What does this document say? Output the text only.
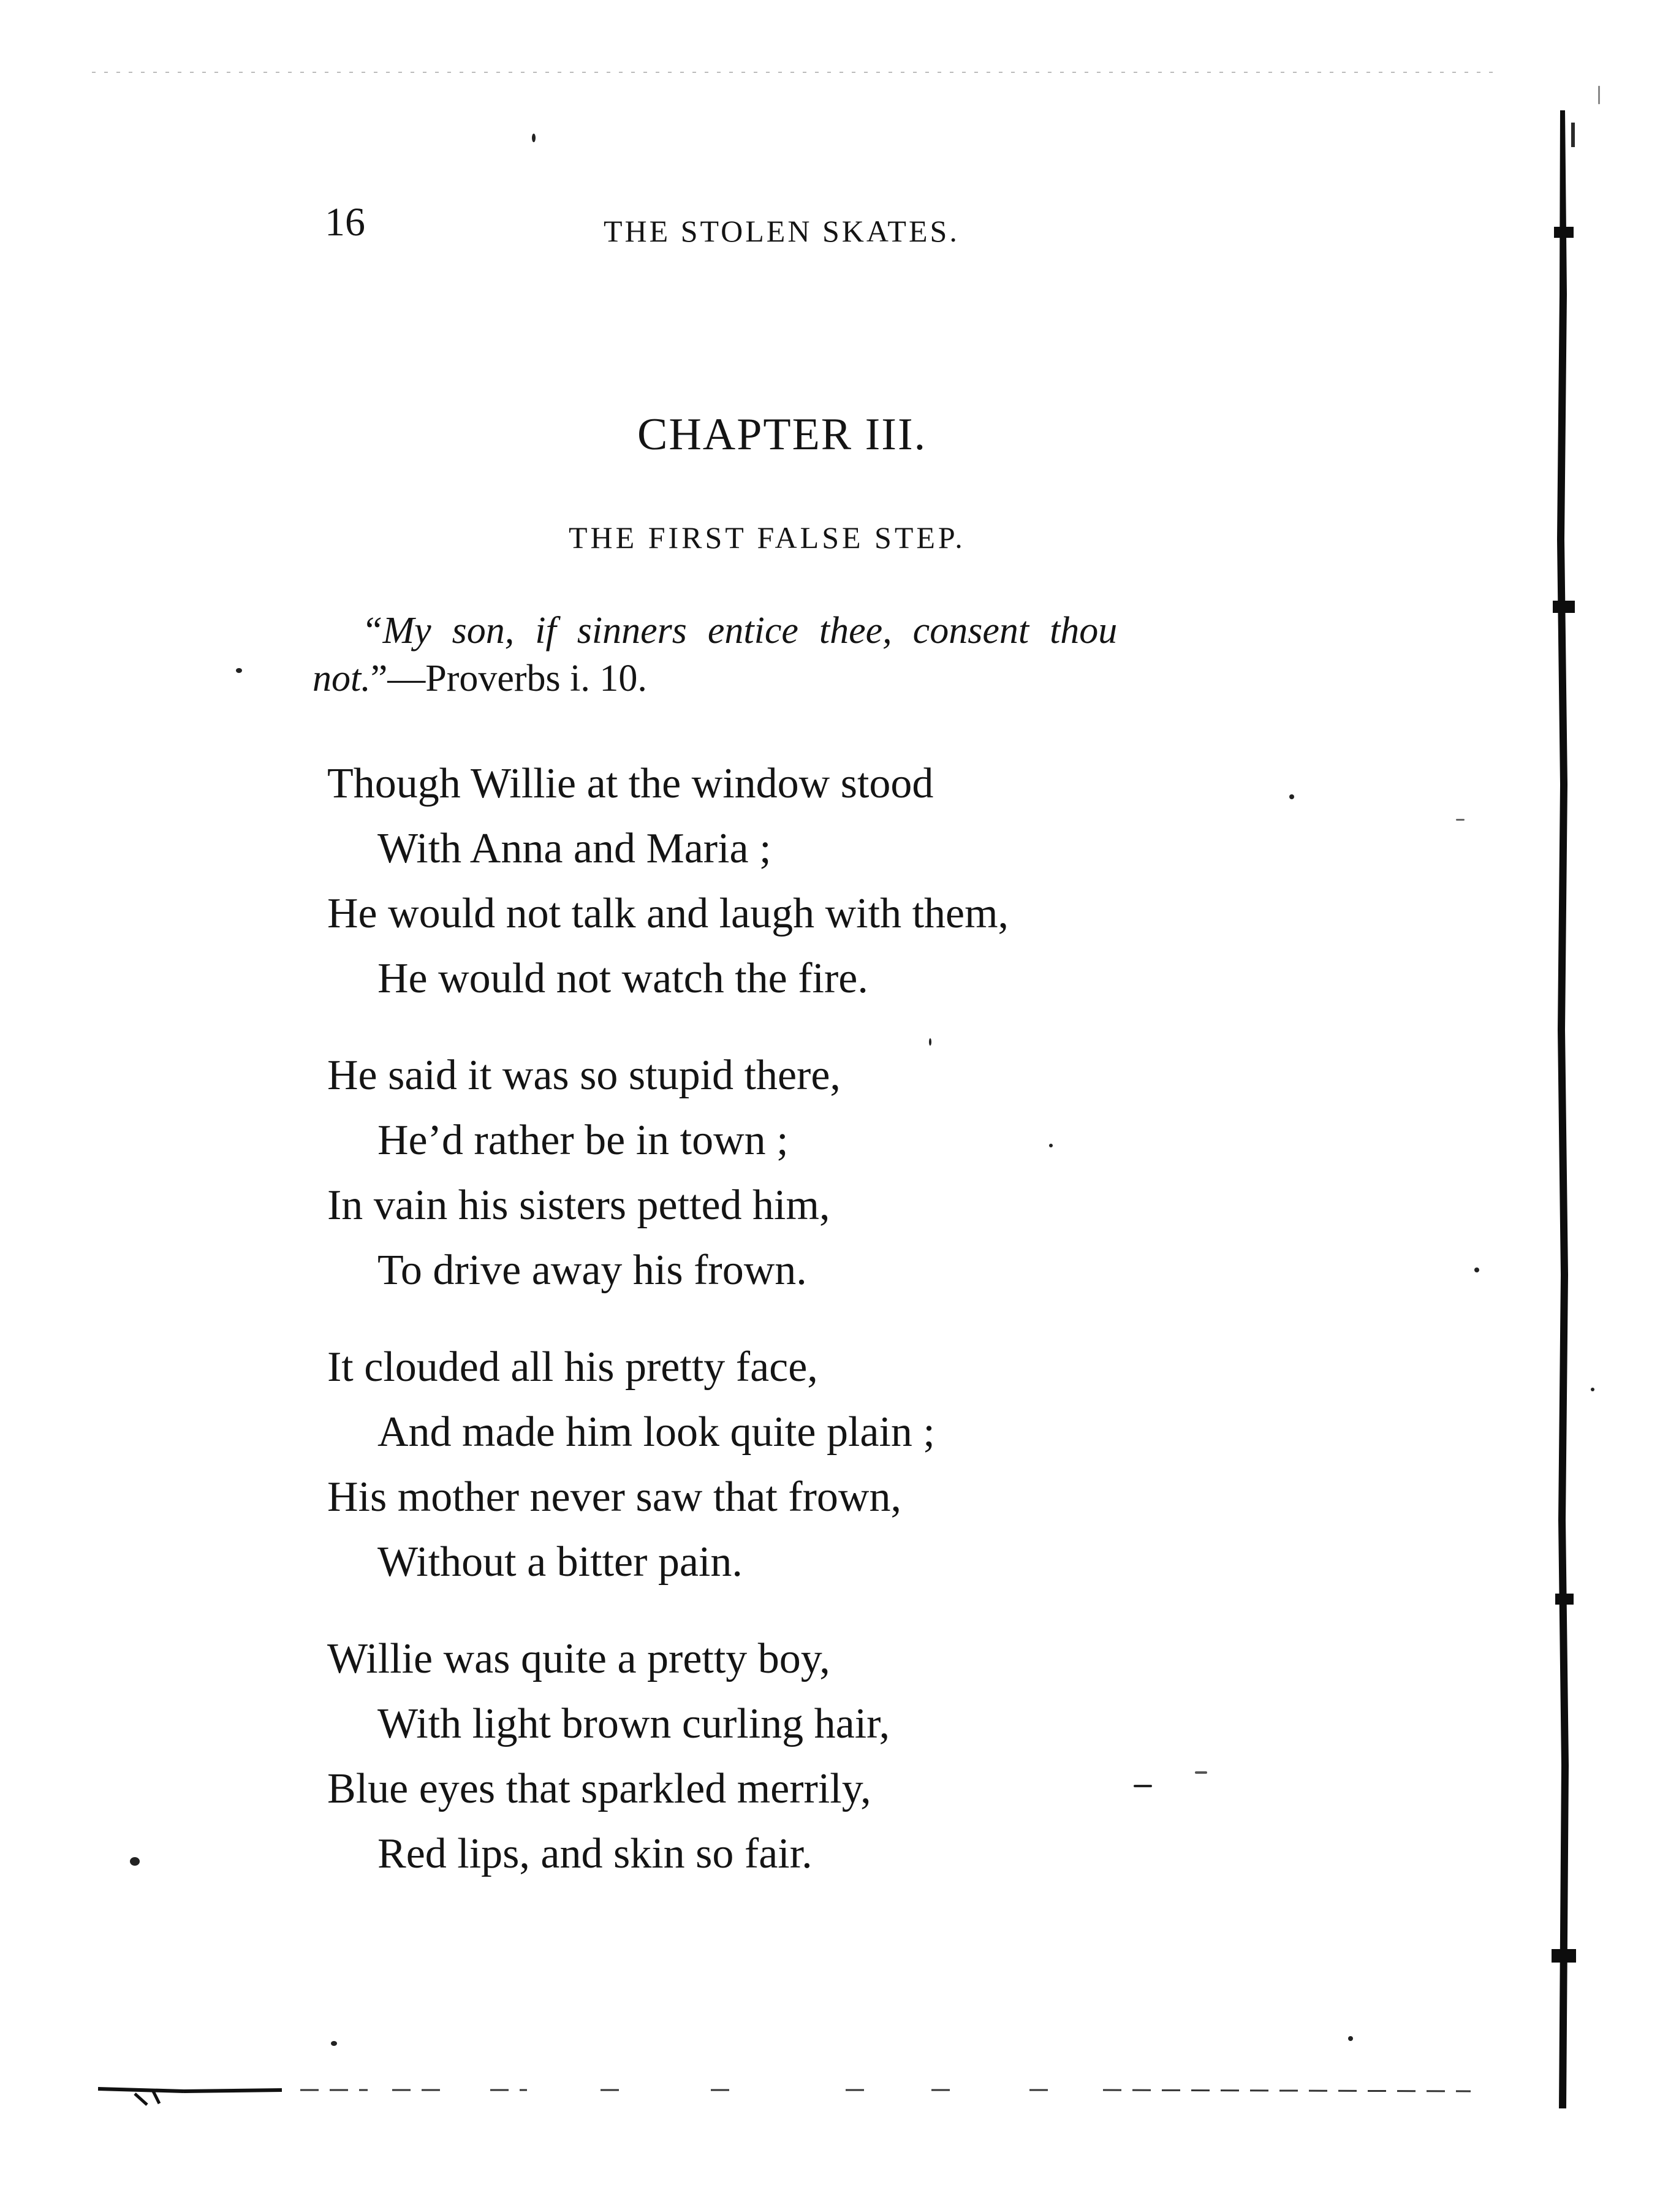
16	THE STOLEN SKATES.
CHAPTER III.
THE FIRST FALSE STEP.
“My son, if sinners entice thee, consent thou
not.”—Proverbs i. 10.
Though Willie at the window stood
With Anna and Maria ;
He would not talk and laugh with them,
He would not watch the fire.
He said it was so stupid there,
He’d rather be in town ;
In vain his sisters petted him,
To drive away his frown.
It clouded all his pretty face,
And made him look quite plain ;
His mother never saw that frown,
Without a bitter pain.
Willie was quite a pretty boy,
With light brown curling hair,
Blue eyes that sparkled merrily,
Red lips, and skin so fair.
